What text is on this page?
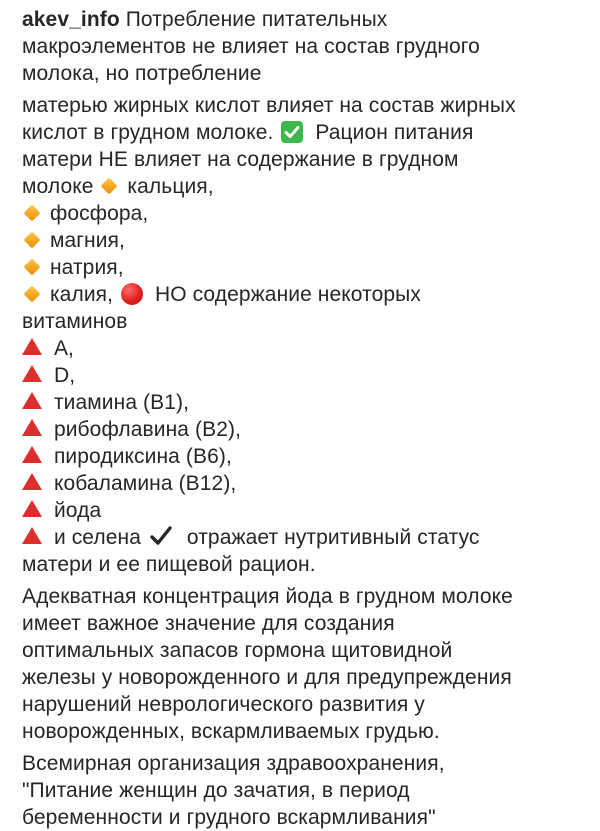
akev_info Потребление питательных
макроэлементов не влияет на состав грудного
молока, но потребление
матерью жирных кислот влияет на состав жирных
кислот в грудном молоке. Рацион питания
матери НЕ влияет на содержание в грудном
молоке кальция,
фосфора,
магния,
натрия,
калия, НО содержание некоторых
витаминов
А,
D,
тиамина (B1),
рибофлавина (B2),
пиродиксина (B6),
кобаламина (B12),
йода
и селена отражает нутритивный статус
матери и ее пищевой рацион.
Адекватная концентрация йода в грудном молоке
имеет важное значение для создания
оптимальных запасов гормона щитовидной
железы у новорожденного и для предупреждения
нарушений неврологического развития у
новорожденных, вскармливаемых грудью.
Всемирная организация здравоохранения,
"Питание женщин до зачатия, в период
беременности и грудного вскармливания"
